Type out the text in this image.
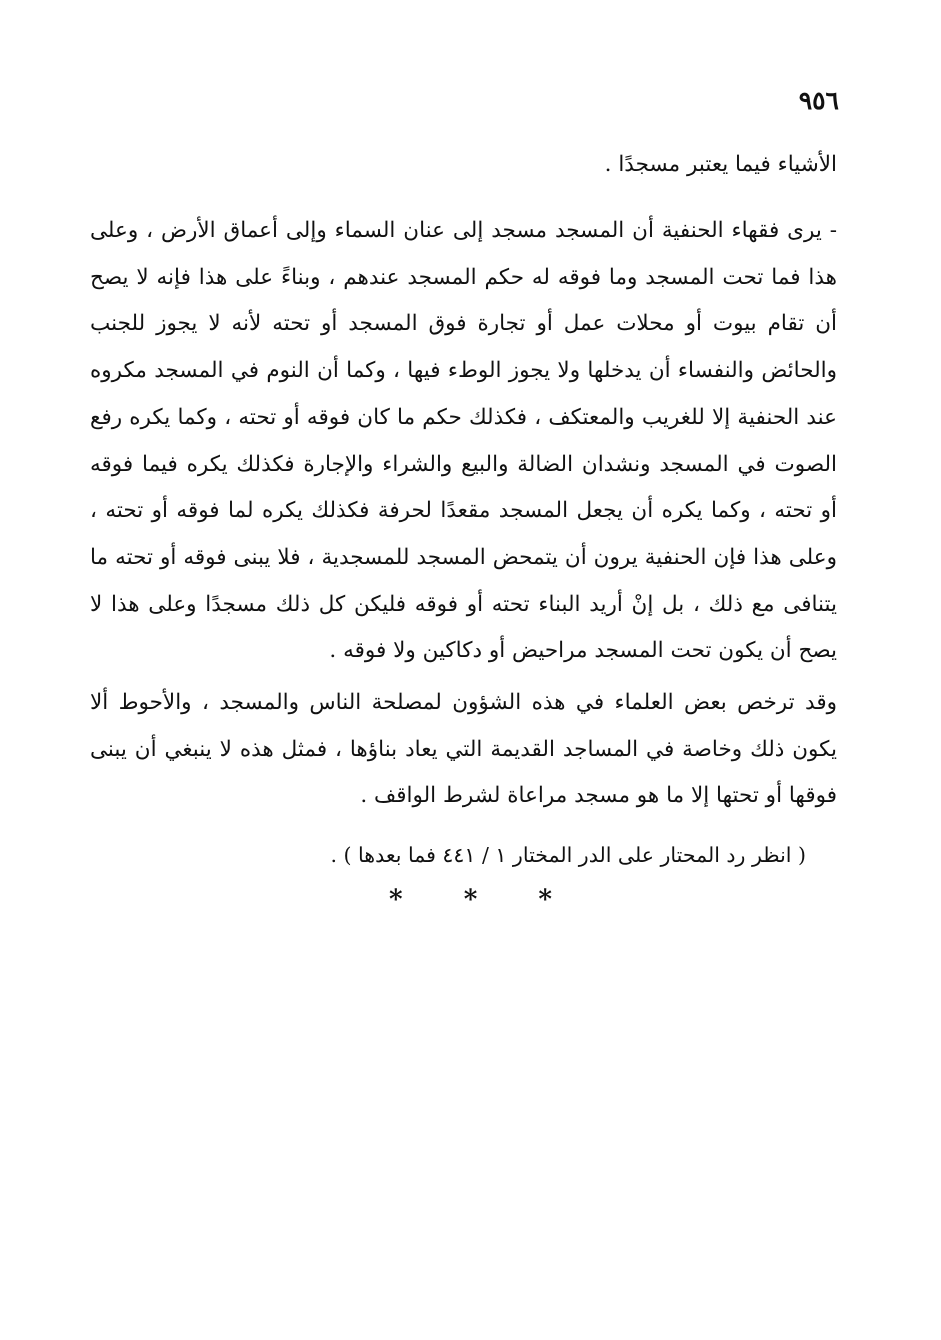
٩٥٦
الأشياء فيما يعتبر مسجدًا .
- يرى فقهاء الحنفية أن المسجد مسجد إلى عنان السماء وإلى أعماق الأرض ، وعلى هذا فما تحت المسجد وما فوقه له حكم المسجد عندهم ، وبناءً على هذا فإنه لا يصح أن تقام بيوت أو محلات عمل أو تجارة فوق المسجد أو تحته لأنه لا يجوز للجنب والحائض والنفساء أن يدخلها ولا يجوز الوطء فيها ، وكما أن النوم في المسجد مكروه عند الحنفية إلا للغريب والمعتكف ، فكذلك حكم ما كان فوقه أو تحته ، وكما يكره رفع الصوت في المسجد ونشدان الضالة والبيع والشراء والإجارة فكذلك يكره فيما فوقه أو تحته ، وكما يكره أن يجعل المسجد مقعدًا لحرفة فكذلك يكره لما فوقه أو تحته ، وعلى هذا فإن الحنفية يرون أن يتمحض المسجد للمسجدية ، فلا يبنى فوقه أو تحته ما يتنافى مع ذلك ، بل إنْ أريد البناء تحته أو فوقه فليكن كل ذلك مسجدًا وعلى هذا لا يصح أن يكون تحت المسجد مراحيض أو دكاكين ولا فوقه .
وقد ترخص بعض العلماء في هذه الشؤون لمصلحة الناس والمسجد ، والأحوط ألا يكون ذلك وخاصة في المساجد القديمة التي يعاد بناؤها ، فمثل هذه لا ينبغي أن يبنى فوقها أو تحتها إلا ما هو مسجد مراعاة لشرط الواقف .
( انظر رد المحتار على الدر المختار ١ / ٤٤١ فما بعدها ) .
* * *
